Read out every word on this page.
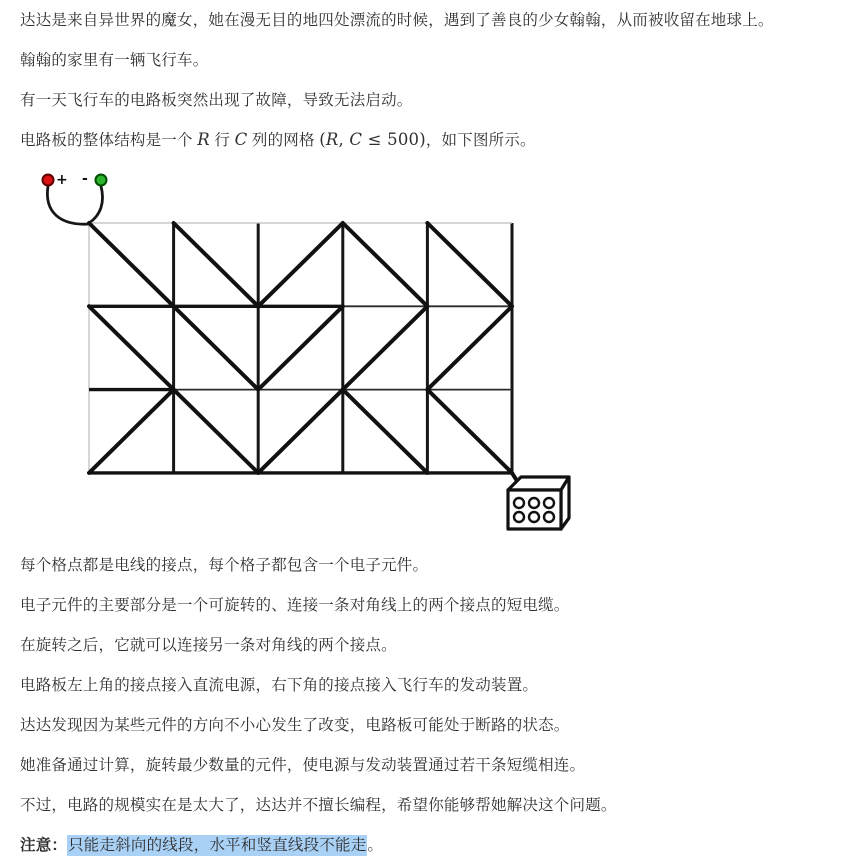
达达是来自异世界的魔女，她在漫无目的地四处漂流的时候，遇到了善良的少女翰翰，从而被收留在地球上。

翰翰的家里有一辆飞行车。

有一天飞行车的电路板突然出现了故障，导致无法启动。

电路板的整体结构是一个 R 行 C 列的网格 (R, C ≤ 500)，如下图所示。

+ -

每个格点都是电线的接点，每个格子都包含一个电子元件。

电子元件的主要部分是一个可旋转的、连接一条对角线上的两个接点的短电缆。

在旋转之后，它就可以连接另一条对角线的两个接点。

电路板左上角的接点接入直流电源，右下角的接点接入飞行车的发动装置。

达达发现因为某些元件的方向不小心发生了改变，电路板可能处于断路的状态。

她准备通过计算，旋转最少数量的元件，使电源与发动装置通过若干条短缆相连。

不过，电路的规模实在是太大了，达达并不擅长编程，希望你能够帮她解决这个问题。

注意：只能走斜向的线段，水平和竖直线段不能走。
